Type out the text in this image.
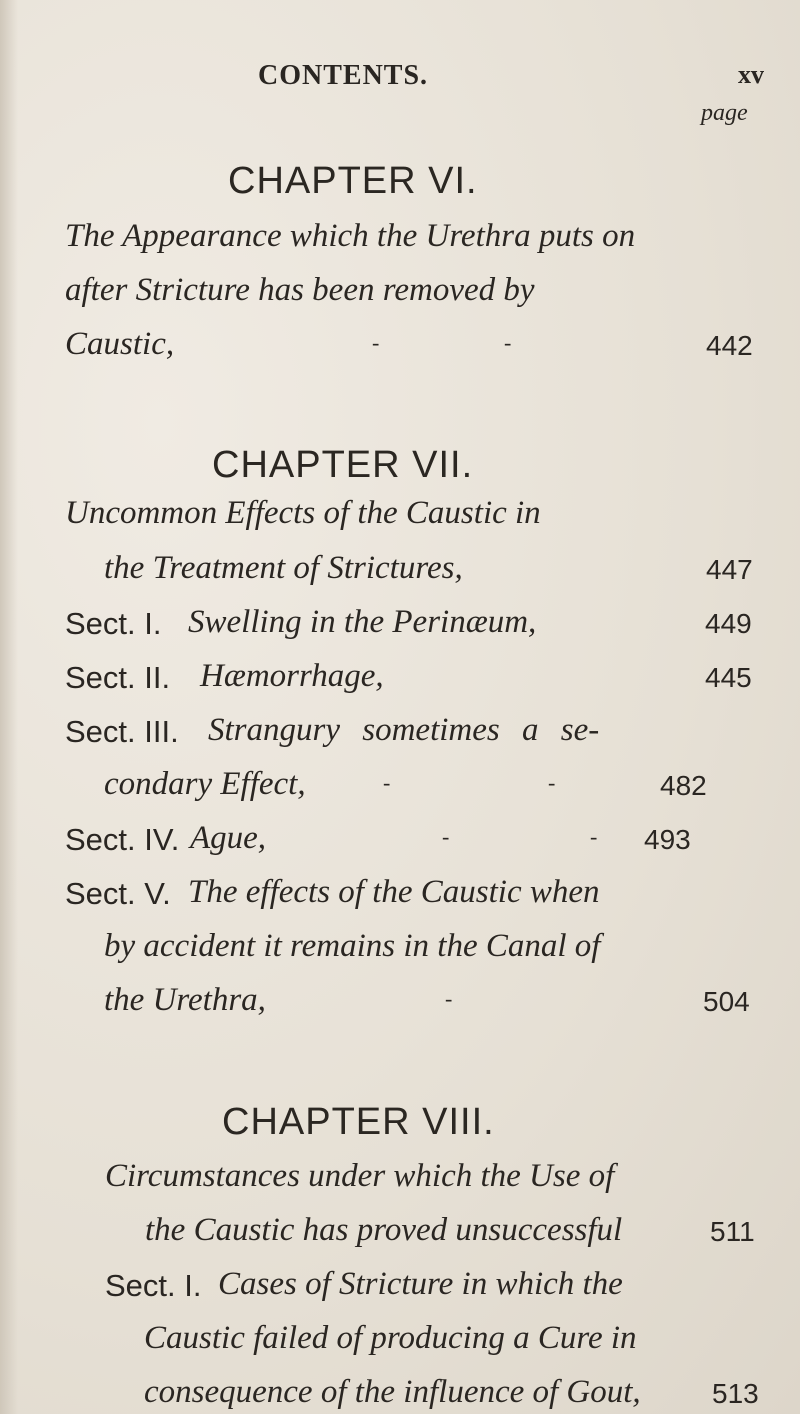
CONTENTS.	xv
page
CHAPTER VI.
The Appearance which the Urethra puts on
after Stricture has been removed by
Caustic,	-	-	442
CHAPTER VII.
Uncommon Effects of the Caustic in
the Treatment of Strictures,	447
Sect. I. Swelling in the Perinæum,	449
Sect. II. Hæmorrhage,	445
Sect. III. Strangury sometimes a se-
condary Effect,	-	-	482
Sect. IV. Ague,	-	- 493
Sect. V. The effects of the Caustic when
by accident it remains in the Canal of
the Urethra,	-	504
CHAPTER VIII.
Circumstances under which the Use of
the Caustic has proved unsuccessful	511
Sect. I. Cases of Stricture in which the
Caustic failed of producing a Cure in
consequence of the influence of Gout,	513
